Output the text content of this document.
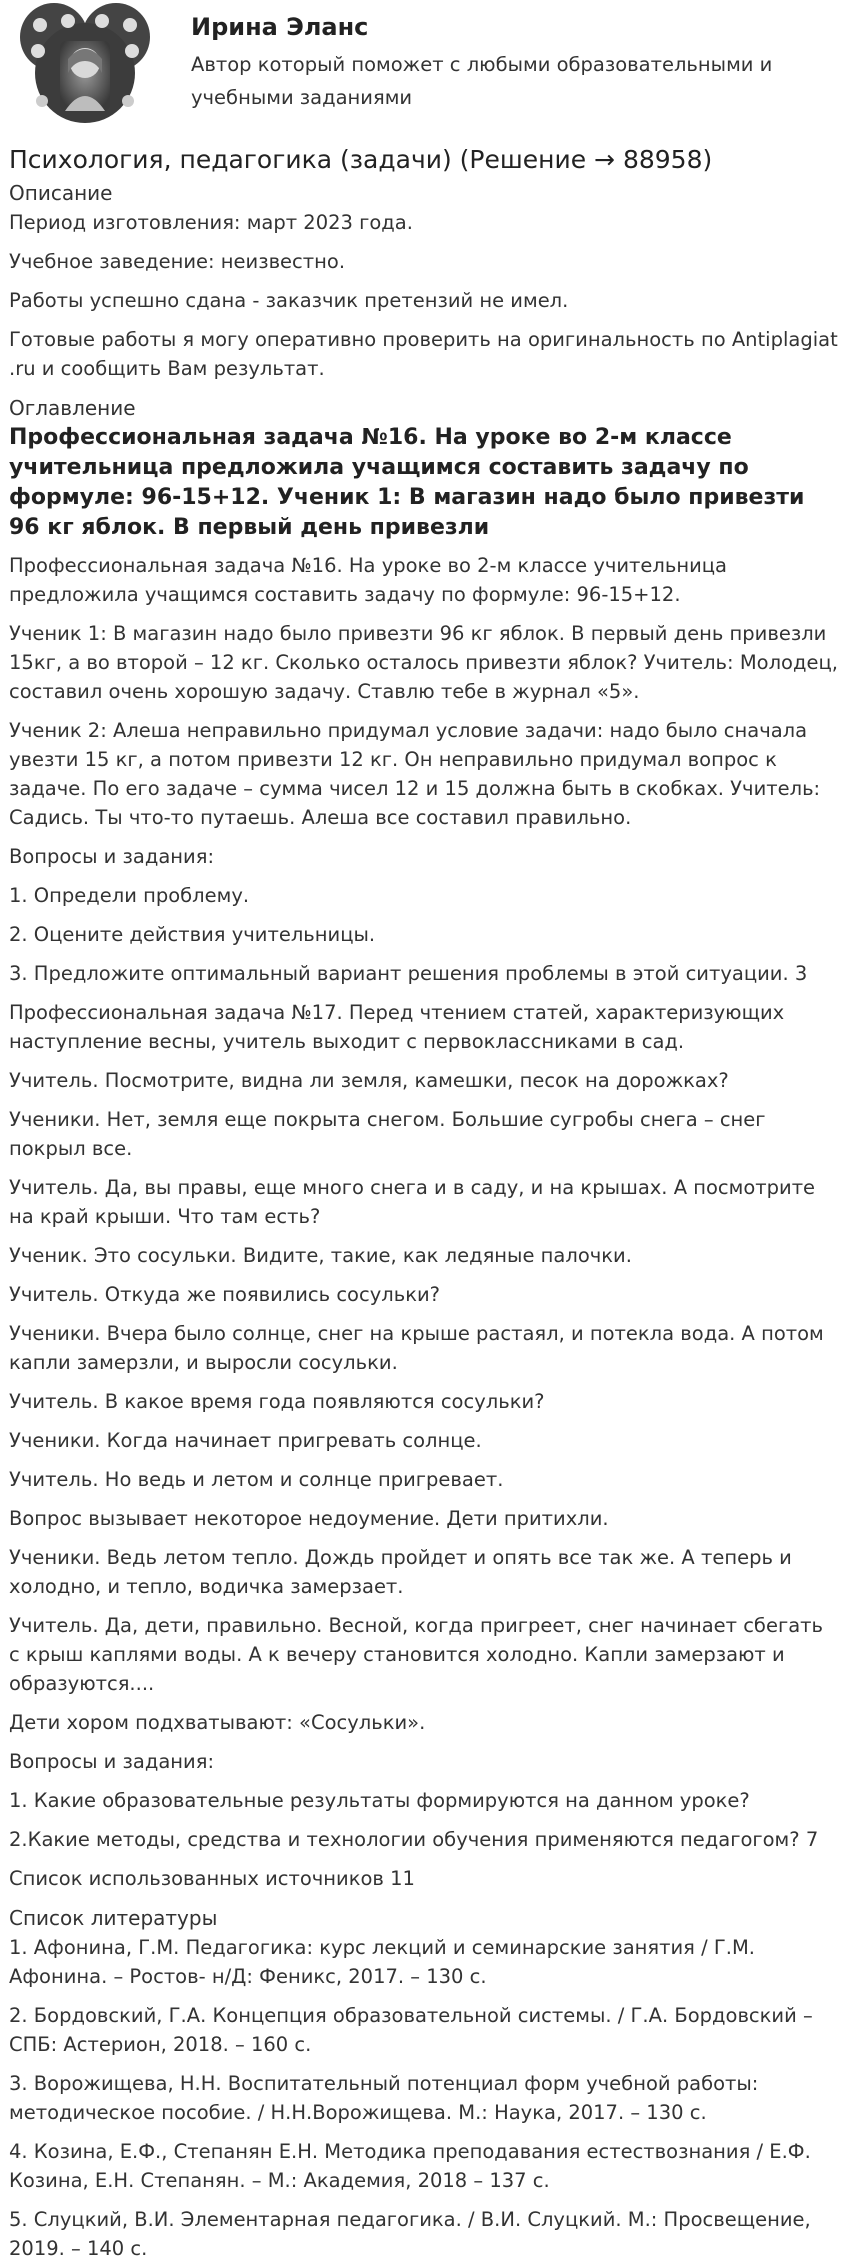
Ирина Эланс
Автор который поможет с любыми образовательными и учебными заданиями
Психология, педагогика (задачи) (Решение → 88958)
Описание

Период изготовления: март 2023 года.

Учебное заведение: неизвестно.

Работы успешно сдана - заказчик претензий не имел.

Готовые работы я могу оперативно проверить на оригинальность по Antiplagiat .ru и сообщить Вам результат.

Оглавление
Профессиональная задача №16. На уроке во 2-м классе учительница предложила учащимся составить задачу по формуле: 96-15+12. Ученик 1: В магазин надо было привезти 96 кг яблок. В первый день привезли

Профессиональная задача №16. На уроке во 2-м классе учительница предложила учащимся составить задачу по формуле: 96-15+12.

Ученик 1: В магазин надо было привезти 96 кг яблок. В первый день привезли 15кг, а во второй – 12 кг. Сколько осталось привезти яблок? Учитель: Молодец, составил очень хорошую задачу. Ставлю тебе в журнал «5».

Ученик 2: Алеша неправильно придумал условие задачи: надо было сначала увезти 15 кг, а потом привезти 12 кг. Он неправильно придумал вопрос к задаче. По его задаче – сумма чисел 12 и 15 должна быть в скобках. Учитель: Садись. Ты что-то путаешь. Алеша все составил правильно.

Вопросы и задания:

1. Определи проблему.

2. Оцените действия учительницы.

3. Предложите оптимальный вариант решения проблемы в этой ситуации. 3

Профессиональная задача №17. Перед чтением статей, характеризующих наступление весны, учитель выходит с первоклассниками в сад.

Учитель. Посмотрите, видна ли земля, камешки, песок на дорожках?

Ученики. Нет, земля еще покрыта снегом. Большие сугробы снега – снег покрыл все.

Учитель. Да, вы правы, еще много снега и в саду, и на крышах. А посмотрите на край крыши. Что там есть?

Ученик. Это сосульки. Видите, такие, как ледяные палочки.

Учитель. Откуда же появились сосульки?

Ученики. Вчера было солнце, снег на крыше растаял, и потекла вода. А потом капли замерзли, и выросли сосульки.

Учитель. В какое время года появляются сосульки?

Ученики. Когда начинает пригревать солнце.

Учитель. Но ведь и летом и солнце пригревает.

Вопрос вызывает некоторое недоумение. Дети притихли.

Ученики. Ведь летом тепло. Дождь пройдет и опять все так же. А теперь и холодно, и тепло, водичка замерзает.

Учитель. Да, дети, правильно. Весной, когда пригреет, снег начинает сбегать с крыш каплями воды. А к вечеру становится холодно. Капли замерзают и образуются....

Дети хором подхватывают: «Сосульки».

Вопросы и задания:

1. Какие образовательные результаты формируются на данном уроке?

2.Какие методы, средства и технологии обучения применяются педагогом? 7

Список использованных источников 11

Список литературы

1. Афонина, Г.М. Педагогика: курс лекций и семинарские занятия / Г.М. Афонина. – Ростов- н/Д: Феникс, 2017. – 130 с.

2. Бордовский, Г.А. Концепция образовательной системы. / Г.А. Бордовский – СПБ: Астерион, 2018. – 160 с.

3. Ворожищева, Н.Н. Воспитательный потенциал форм учебной работы: методическое пособие. / Н.Н.Ворожищева. М.: Наука, 2017. – 130 с.

4. Козина, Е.Ф., Степанян Е.Н. Методика преподавания естествознания / Е.Ф. Козина, Е.Н. Степанян. – М.: Академия, 2018 – 137 с.

5. Слуцкий, В.И. Элементарная педагогика. / В.И. Слуцкий. М.: Просвещение, 2019. – 140 с.
